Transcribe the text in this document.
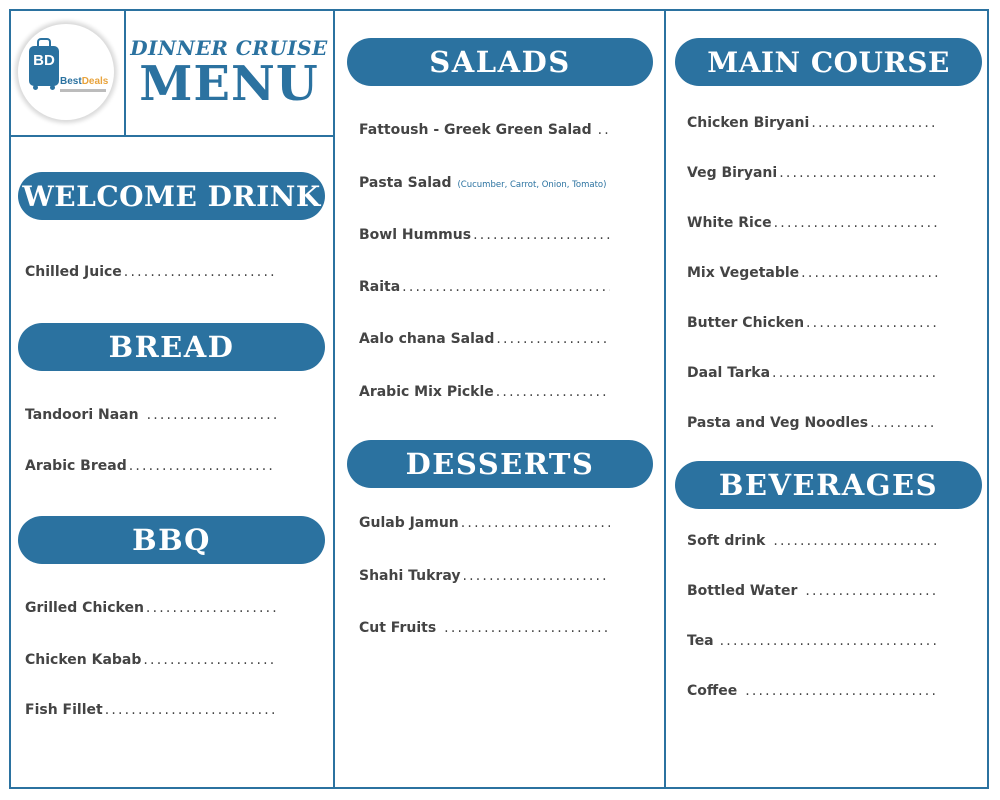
BD
BestDeals
DINNER CRUISE
MENU
WELCOME DRINK
Chilled Juice
.....
BREAD
Tandoori Naan
.....
Arabic Bread
.....
BBQ
Grilled Chicken
.....
Chicken Kabab
.....
Fish Fillet
.....
SALADS
Fattoush - Greek Green Salad
.....
Pasta Salad (Cucumber, Carrot, Onion, Tomato)
Bowl Hummus
.....
Raita
.....
Aalo chana Salad
.....
Arabic Mix Pickle
.....
DESSERTS
Gulab Jamun
.....
Shahi Tukray
.....
Cut Fruits
.....
MAIN COURSE
Chicken Biryani
.....
Veg Biryani
.....
White Rice
.....
Mix Vegetable
.....
Butter Chicken
.....
Daal Tarka
.....
Pasta and Veg Noodles
.....
BEVERAGES
Soft drink
.....
Bottled Water
.....
Tea
.....
Coffee
.....
